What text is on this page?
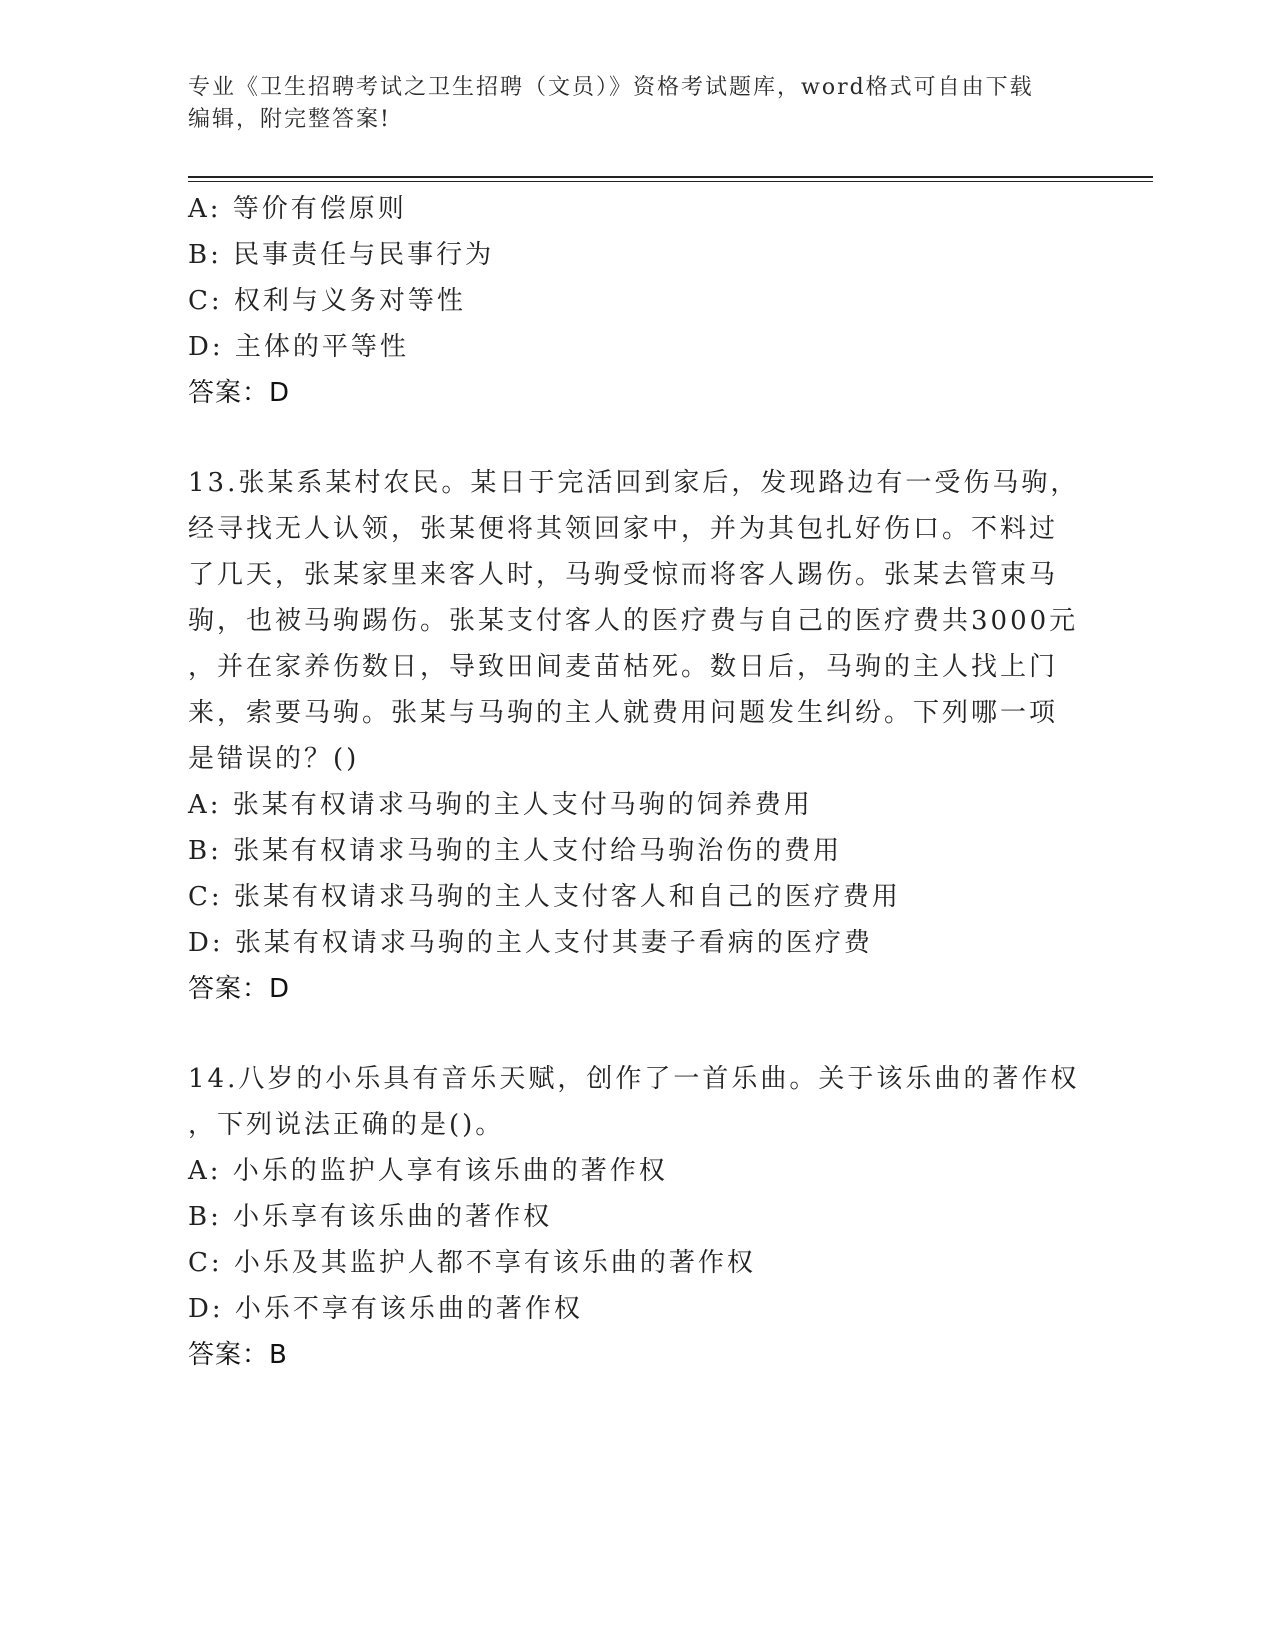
专业《卫生招聘考试之卫生招聘（文员）》资格考试题库，word格式可自由下载
编辑，附完整答案!
A: 等价有偿原则
B: 民事责任与民事行为
C: 权利与义务对等性
D: 主体的平等性
答案：D
13.张某系某村农民。某日于完活回到家后，发现路边有一受伤马驹，
经寻找无人认领，张某便将其领回家中，并为其包扎好伤口。不料过
了几天，张某家里来客人时，马驹受惊而将客人踢伤。张某去管束马
驹，也被马驹踢伤。张某支付客人的医疗费与自己的医疗费共3000元
，并在家养伤数日，导致田间麦苗枯死。数日后，马驹的主人找上门
来，索要马驹。张某与马驹的主人就费用问题发生纠纷。下列哪一项
是错误的？()
A: 张某有权请求马驹的主人支付马驹的饲养费用
B: 张某有权请求马驹的主人支付给马驹治伤的费用
C: 张某有权请求马驹的主人支付客人和自己的医疗费用
D: 张某有权请求马驹的主人支付其妻子看病的医疗费
答案：D
14.八岁的小乐具有音乐天赋，创作了一首乐曲。关于该乐曲的著作权
，下列说法正确的是()。
A: 小乐的监护人享有该乐曲的著作权
B: 小乐享有该乐曲的著作权
C: 小乐及其监护人都不享有该乐曲的著作权
D: 小乐不享有该乐曲的著作权
答案：B
